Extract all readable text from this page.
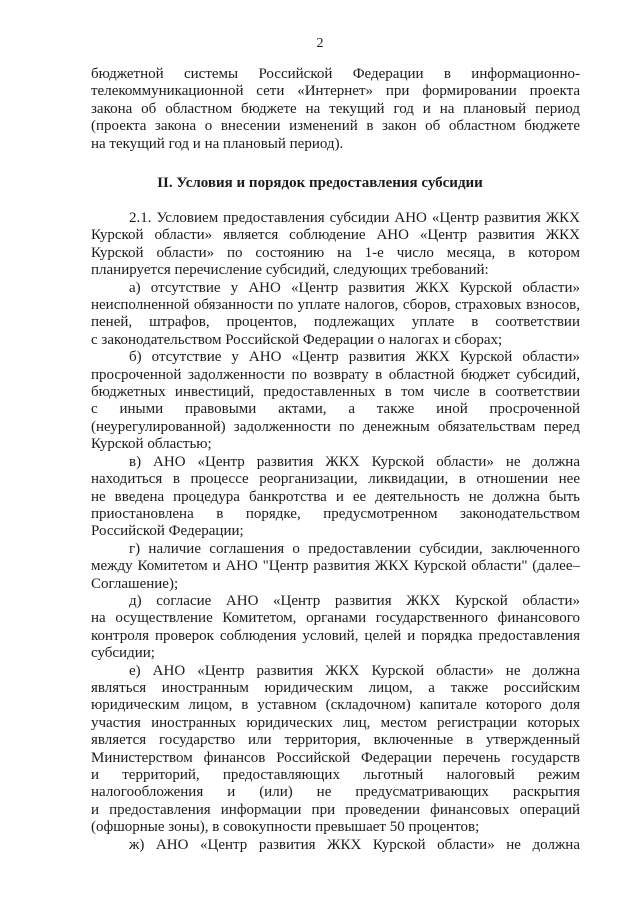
2
бюджетной системы Российской Федерации в информационно-
телекоммуникационной сети «Интернет» при формировании проекта
закона об областном бюджете на текущий год и на плановый период
(проекта закона о внесении изменений в закон об областном бюджете
на текущий год и на плановый период).
II. Условия и порядок предоставления субсидии
2.1. Условием предоставления субсидии АНО «Центр развития ЖКХ
Курской области» является соблюдение АНО «Центр развития ЖКХ
Курской области» по состоянию на 1-е число месяца, в котором
планируется перечисление субсидий, следующих требований:
а) отсутствие у АНО «Центр развития ЖКХ Курской области»
неисполненной обязанности по уплате налогов, сборов, страховых взносов,
пеней, штрафов, процентов, подлежащих уплате в соответствии
с законодательством Российской Федерации о налогах и сборах;
б) отсутствие у АНО «Центр развития ЖКХ Курской области»
просроченной задолженности по возврату в областной бюджет субсидий,
бюджетных инвестиций, предоставленных в том числе в соответствии
с иными правовыми актами, а также иной просроченной
(неурегулированной) задолженности по денежным обязательствам перед
Курской областью;
в) АНО «Центр развития ЖКХ Курской области» не должна
находиться в процессе реорганизации, ликвидации, в отношении нее
не введена процедура банкротства и ее деятельность не должна быть
приостановлена в порядке, предусмотренном законодательством
Российской Федерации;
г) наличие соглашения о предоставлении субсидии, заключенного
между Комитетом и АНО "Центр развития ЖКХ Курской области" (далее–
Соглашение);
д) согласие АНО «Центр развития ЖКХ Курской области»
на осуществление Комитетом, органами государственного финансового
контроля проверок соблюдения условий, целей и порядка предоставления
субсидии;
е) АНО «Центр развития ЖКХ Курской области» не должна
являться иностранным юридическим лицом, а также российским
юридическим лицом, в уставном (складочном) капитале которого доля
участия иностранных юридических лиц, местом регистрации которых
является государство или территория, включенные в утвержденный
Министерством финансов Российской Федерации перечень государств
и территорий, предоставляющих льготный налоговый режим
налогообложения и (или) не предусматривающих раскрытия
и предоставления информации при проведении финансовых операций
(офшорные зоны), в совокупности превышает 50 процентов;
ж) АНО «Центр развития ЖКХ Курской области» не должна
